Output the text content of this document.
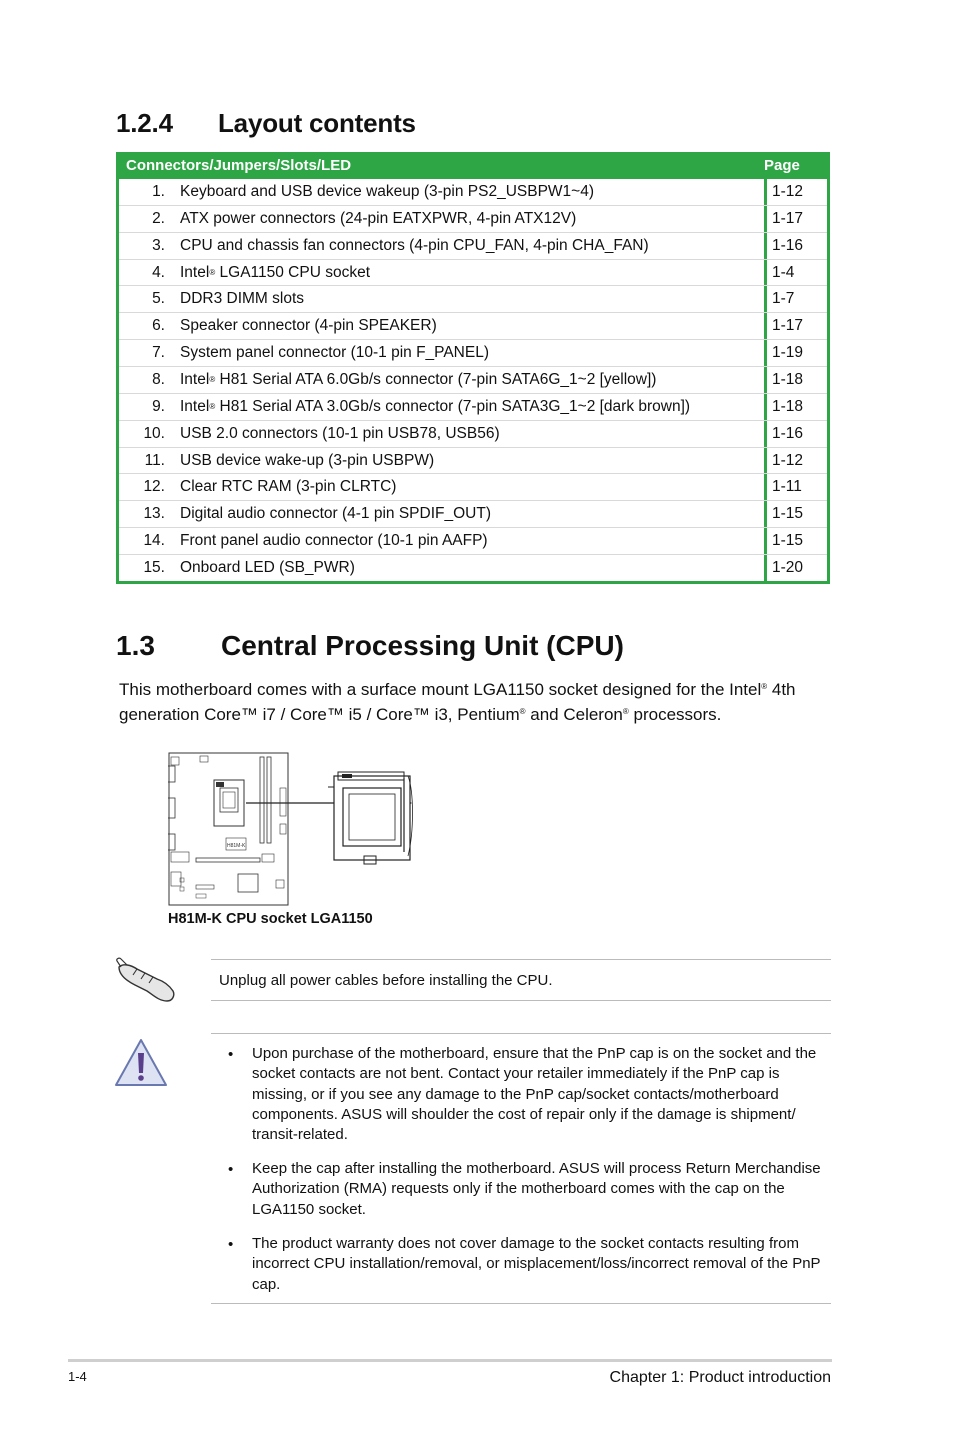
1.2.4 Layout contents
Connectors/Jumpers/Slots/LED	Page
1. Keyboard and USB device wakeup (3-pin PS2_USBPW1~4)	1-12
2. ATX power connectors (24-pin EATXPWR, 4-pin ATX12V)	1-17
3. CPU and chassis fan connectors (4-pin CPU_FAN, 4-pin CHA_FAN)	1-16
4. Intel ® LGA1150 CPU socket	1-4
5. DDR3 DIMM slots	1-7
6. Speaker connector (4-pin SPEAKER)	1-17
7. System panel connector (10-1 pin F_PANEL)	1-19
8. Intel ® H81 Serial ATA 6.0Gb/s connector (7-pin SATA6G_1~2 [yellow])	1-18
9. Intel ® H81 Serial ATA 3.0Gb/s connector (7-pin SATA3G_1~2 [dark brown])	1-18
10. USB 2.0 connectors (10-1 pin USB78, USB56)	1-16
11. USB device wake-up (3-pin USBPW)	1-12
12. Clear RTC RAM (3-pin CLRTC)	1-11
13. Digital audio connector (4-1 pin SPDIF_OUT)	1-15
14. Front panel audio connector (10-1 pin AAFP)	1-15
15. Onboard LED (SB_PWR)	1-20
1.3 Central Processing Unit (CPU)
This motherboard comes with a surface mount LGA1150 socket designed for the Intel® 4th generation Core™ i7 / Core™ i5 / Core™ i3, Pentium® and Celeron® processors.
H81M-K
H81M-K CPU socket LGA1150
Unplug all power cables before installing the CPU.
• Upon purchase of the motherboard, ensure that the PnP cap is on the socket and the socket contacts are not bent. Contact your retailer immediately if the PnP cap is missing, or if you see any damage to the PnP cap/socket contacts/motherboard components. ASUS will shoulder the cost of repair only if the damage is shipment/ transit-related.
• Keep the cap after installing the motherboard. ASUS will process Return Merchandise Authorization (RMA) requests only if the motherboard comes with the cap on the LGA1150 socket.
• The product warranty does not cover damage to the socket contacts resulting from incorrect CPU installation/removal, or misplacement/loss/incorrect removal of the PnP cap.
1-4	Chapter 1: Product introduction
